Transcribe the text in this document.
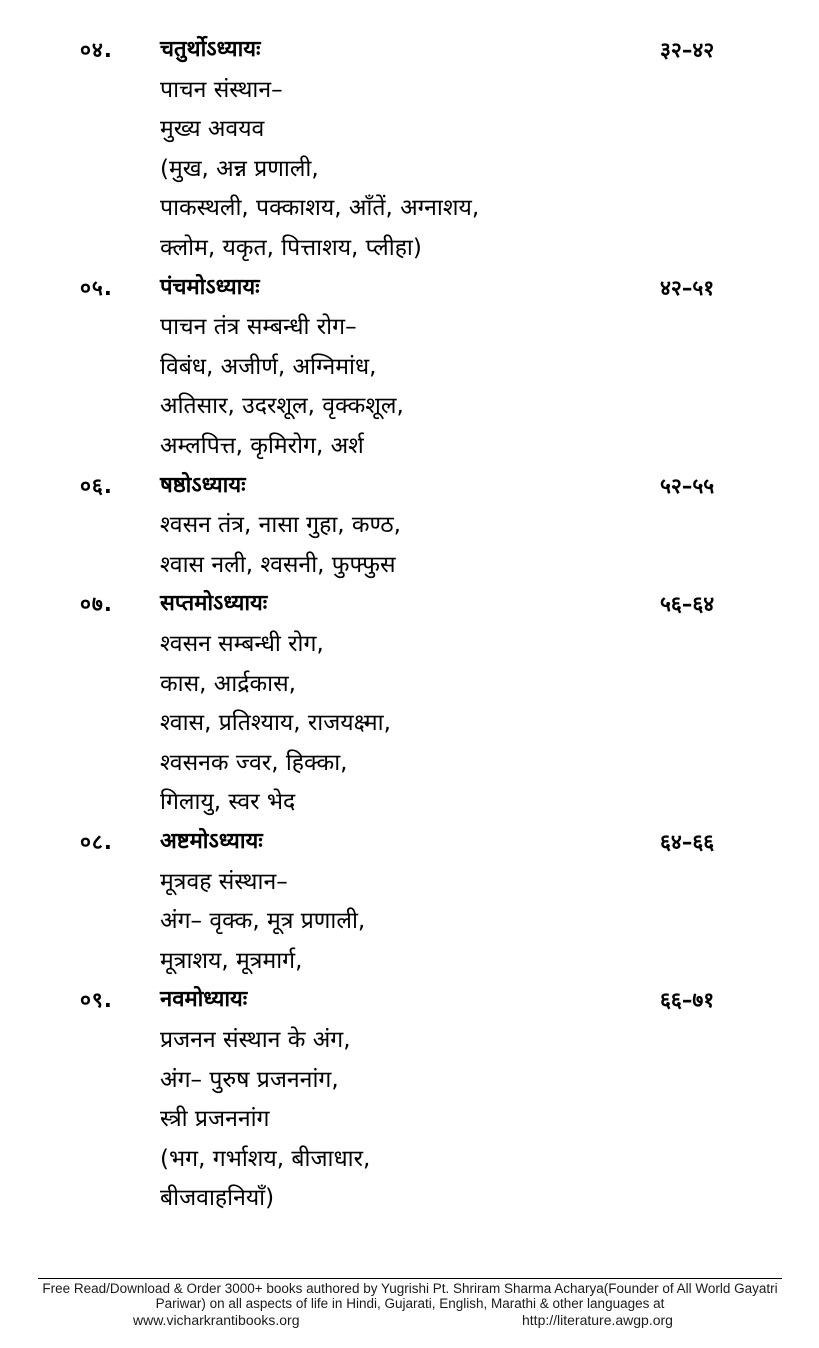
०४. चतुर्थोऽध्यायः	३२–४२
पाचन संस्थान–
मुख्य अवयव
(मुख, अन्न प्रणाली,
पाकस्थली, पक्काशय, आँतें, अग्नाशय,
क्लोम, यकृत, पित्ताशय, प्लीहा)
०५. पंचमोऽध्यायः	४२–५१
पाचन तंत्र सम्बन्धी रोग–
विबंध, अजीर्ण, अग्निमांध,
अतिसार, उदरशूल, वृक्कशूल,
अम्लपित्त, कृमिरोग, अर्श
०६. षष्ठोऽध्यायः	५२–५५
श्वसन तंत्र, नासा गुहा, कण्ठ,
श्वास नली, श्वसनी, फुफ्फुस
०७. सप्तमोऽध्यायः	५६–६४
श्वसन सम्बन्धी रोग,
कास, आर्द्रकास,
श्वास, प्रतिश्याय, राजयक्ष्मा,
श्वसनक ज्वर, हिक्का,
गिलायु, स्वर भेद
०८. अष्टमोऽध्यायः	६४–६६
मूत्रवह संस्थान–
अंग– वृक्क, मूत्र प्रणाली,
मूत्राशय, मूत्रमार्ग,
०९. नवमोध्यायः	६६–७१
प्रजनन संस्थान के अंग,
अंग– पुरुष प्रजननांग,
स्त्री प्रजननांग
(भग, गर्भाशय, बीजाधार,
बीजवाहनियाँ)
Free Read/Download & Order 3000+ books authored by Yugrishi Pt. Shriram Sharma Acharya(Founder of All World Gayatri Pariwar) on all aspects of life in Hindi, Gujarati, English, Marathi & other languages at
www.vicharkrantibooks.org	http://literature.awgp.org
